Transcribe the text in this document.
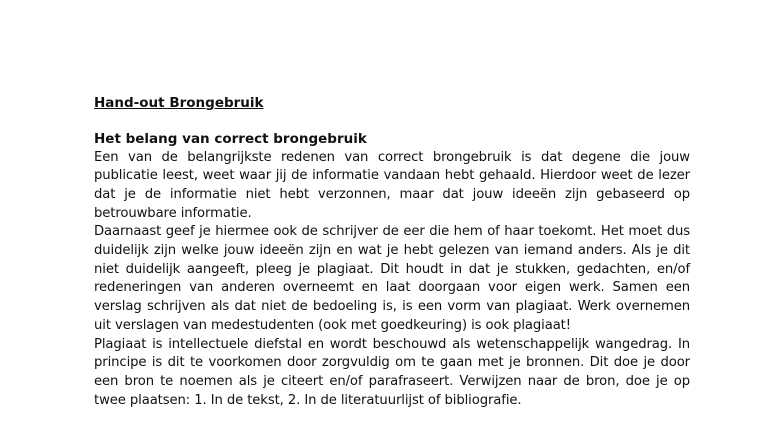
Hand-out Brongebruik

Het belang van correct brongebruik

Een van de belangrijkste redenen van correct brongebruik is dat degene die jouw publicatie leest, weet waar jij de informatie vandaan hebt gehaald. Hierdoor weet de lezer dat je de informatie niet hebt verzonnen, maar dat jouw ideeën zijn gebaseerd op betrouwbare informatie.

Daarnaast geef je hiermee ook de schrijver de eer die hem of haar toekomt. Het moet dus duidelijk zijn welke jouw ideeën zijn en wat je hebt gelezen van iemand anders. Als je dit niet duidelijk aangeeft, pleeg je plagiaat. Dit houdt in dat je stukken, gedachten, en/of redeneringen van anderen overneemt en laat doorgaan voor eigen werk. Samen een verslag schrijven als dat niet de bedoeling is, is een vorm van plagiaat. Werk overnemen uit verslagen van medestudenten (ook met goedkeuring) is ook plagiaat!

Plagiaat is intellectuele diefstal en wordt beschouwd als wetenschappelijk wangedrag. In principe is dit te voorkomen door zorgvuldig om te gaan met je bronnen. Dit doe je door een bron te noemen als je citeert en/of parafraseert. Verwijzen naar de bron, doe je op twee plaatsen: 1. In de tekst, 2. In de literatuurlijst of bibliografie.
